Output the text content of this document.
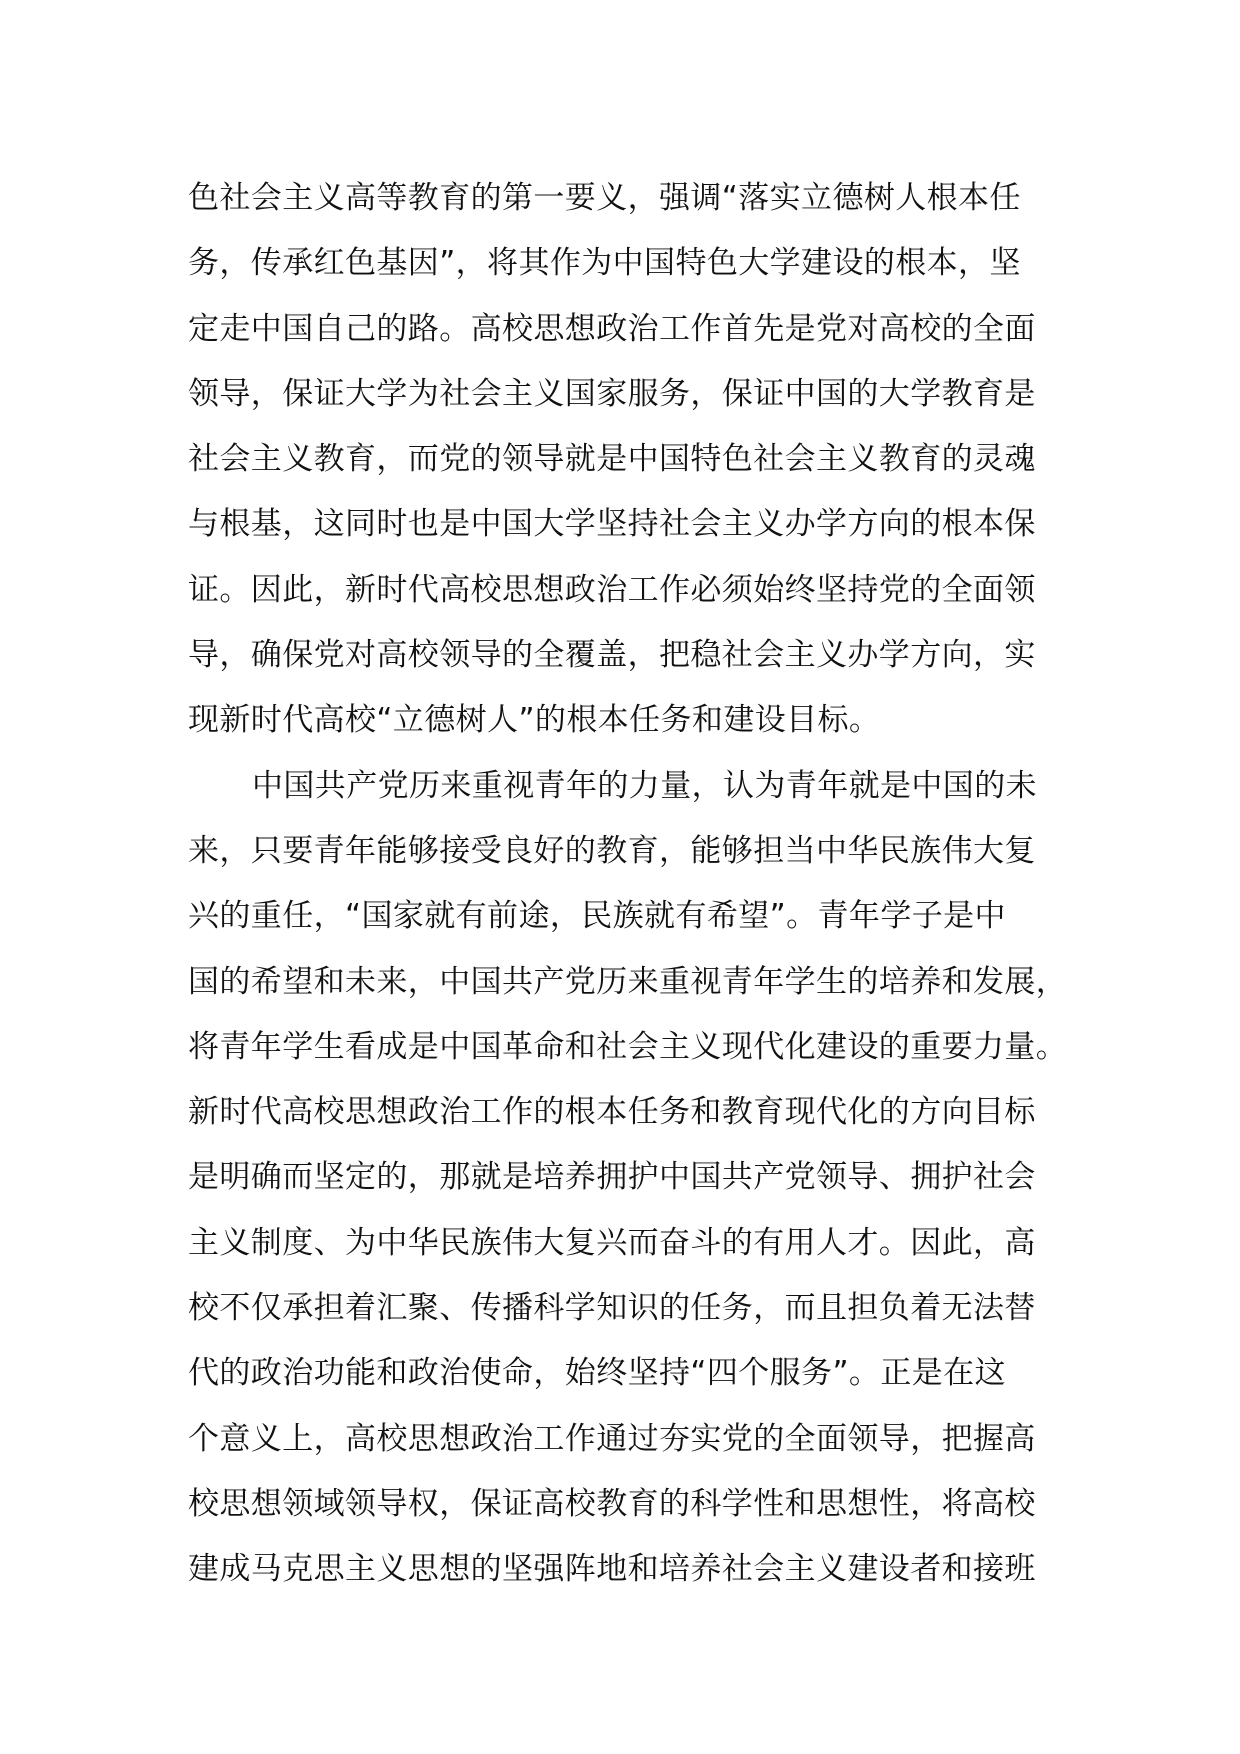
色社会主义高等教育的第一要义，强调“落实立德树人根本任
务，传承红色基因”，将其作为中国特色大学建设的根本，坚
定走中国自己的路。高校思想政治工作首先是党对高校的全面
领导，保证大学为社会主义国家服务，保证中国的大学教育是
社会主义教育，而党的领导就是中国特色社会主义教育的灵魂
与根基，这同时也是中国大学坚持社会主义办学方向的根本保
证。因此，新时代高校思想政治工作必须始终坚持党的全面领
导，确保党对高校领导的全覆盖，把稳社会主义办学方向，实
现新时代高校“立德树人”的根本任务和建设目标。
中国共产党历来重视青年的力量，认为青年就是中国的未
来，只要青年能够接受良好的教育，能够担当中华民族伟大复
兴的重任，“国家就有前途，民族就有希望”。青年学子是中
国的希望和未来，中国共产党历来重视青年学生的培养和发展，
将青年学生看成是中国革命和社会主义现代化建设的重要力量。
新时代高校思想政治工作的根本任务和教育现代化的方向目标
是明确而坚定的，那就是培养拥护中国共产党领导、拥护社会
主义制度、为中华民族伟大复兴而奋斗的有用人才。因此，高
校不仅承担着汇聚、传播科学知识的任务，而且担负着无法替
代的政治功能和政治使命，始终坚持“四个服务”。正是在这
个意义上，高校思想政治工作通过夯实党的全面领导，把握高
校思想领域领导权，保证高校教育的科学性和思想性，将高校
建成马克思主义思想的坚强阵地和培养社会主义建设者和接班
